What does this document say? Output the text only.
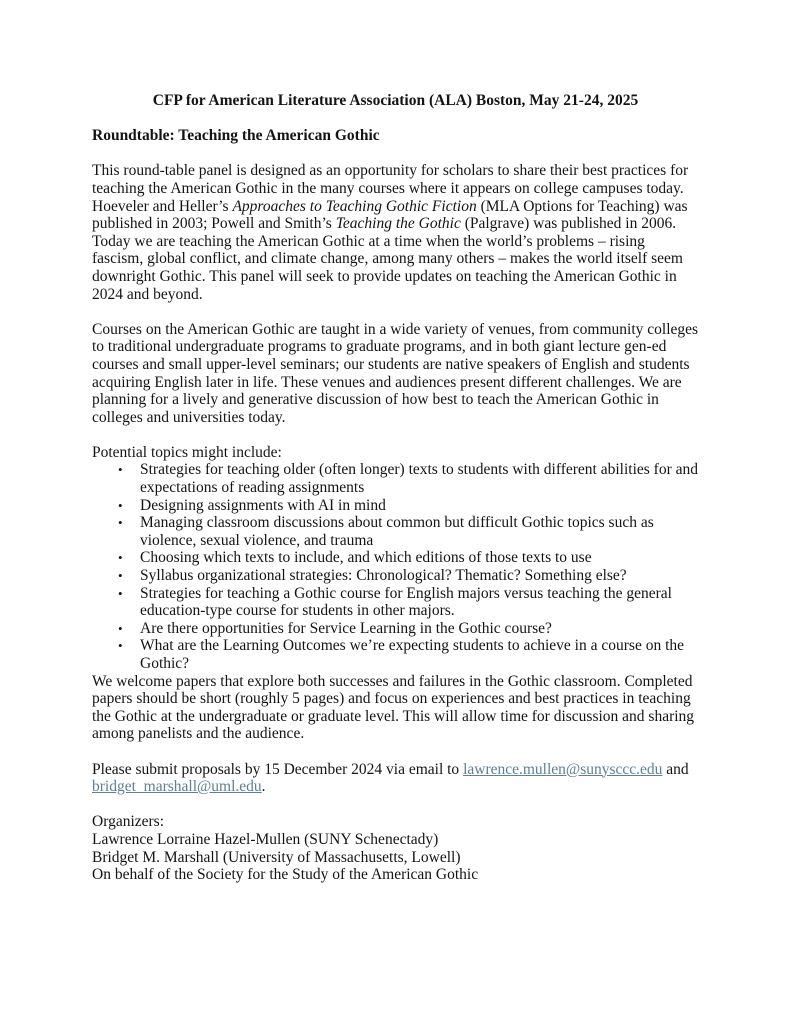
CFP for American Literature Association (ALA) Boston, May 21-24, 2025

Roundtable: Teaching the American Gothic

This round-table panel is designed as an opportunity for scholars to share their best practices for teaching the American Gothic in the many courses where it appears on college campuses today. Hoeveler and Heller’s Approaches to Teaching Gothic Fiction (MLA Options for Teaching) was published in 2003; Powell and Smith’s Teaching the Gothic (Palgrave) was published in 2006. Today we are teaching the American Gothic at a time when the world’s problems – rising fascism, global conflict, and climate change, among many others – makes the world itself seem downright Gothic. This panel will seek to provide updates on teaching the American Gothic in 2024 and beyond.

Courses on the American Gothic are taught in a wide variety of venues, from community colleges to traditional undergraduate programs to graduate programs, and in both giant lecture gen-ed courses and small upper-level seminars; our students are native speakers of English and students acquiring English later in life. These venues and audiences present different challenges. We are planning for a lively and generative discussion of how best to teach the American Gothic in colleges and universities today.

Potential topics might include:

•	Strategies for teaching older (often longer) texts to students with different abilities for and expectations of reading assignments
•	Designing assignments with AI in mind
•	Managing classroom discussions about common but difficult Gothic topics such as violence, sexual violence, and trauma
•	Choosing which texts to include, and which editions of those texts to use
•	Syllabus organizational strategies: Chronological? Thematic? Something else?
•	Strategies for teaching a Gothic course for English majors versus teaching the general education-type course for students in other majors.
•	Are there opportunities for Service Learning in the Gothic course?
•	What are the Learning Outcomes we’re expecting students to achieve in a course on the Gothic?

We welcome papers that explore both successes and failures in the Gothic classroom. Completed papers should be short (roughly 5 pages) and focus on experiences and best practices in teaching the Gothic at the undergraduate or graduate level. This will allow time for discussion and sharing among panelists and the audience.

Please submit proposals by 15 December 2024 via email to lawrence.mullen@sunysccc.edu and bridget_marshall@uml.edu.

Organizers:

Lawrence Lorraine Hazel-Mullen (SUNY Schenectady)

Bridget M. Marshall (University of Massachusetts, Lowell)

On behalf of the Society for the Study of the American Gothic
